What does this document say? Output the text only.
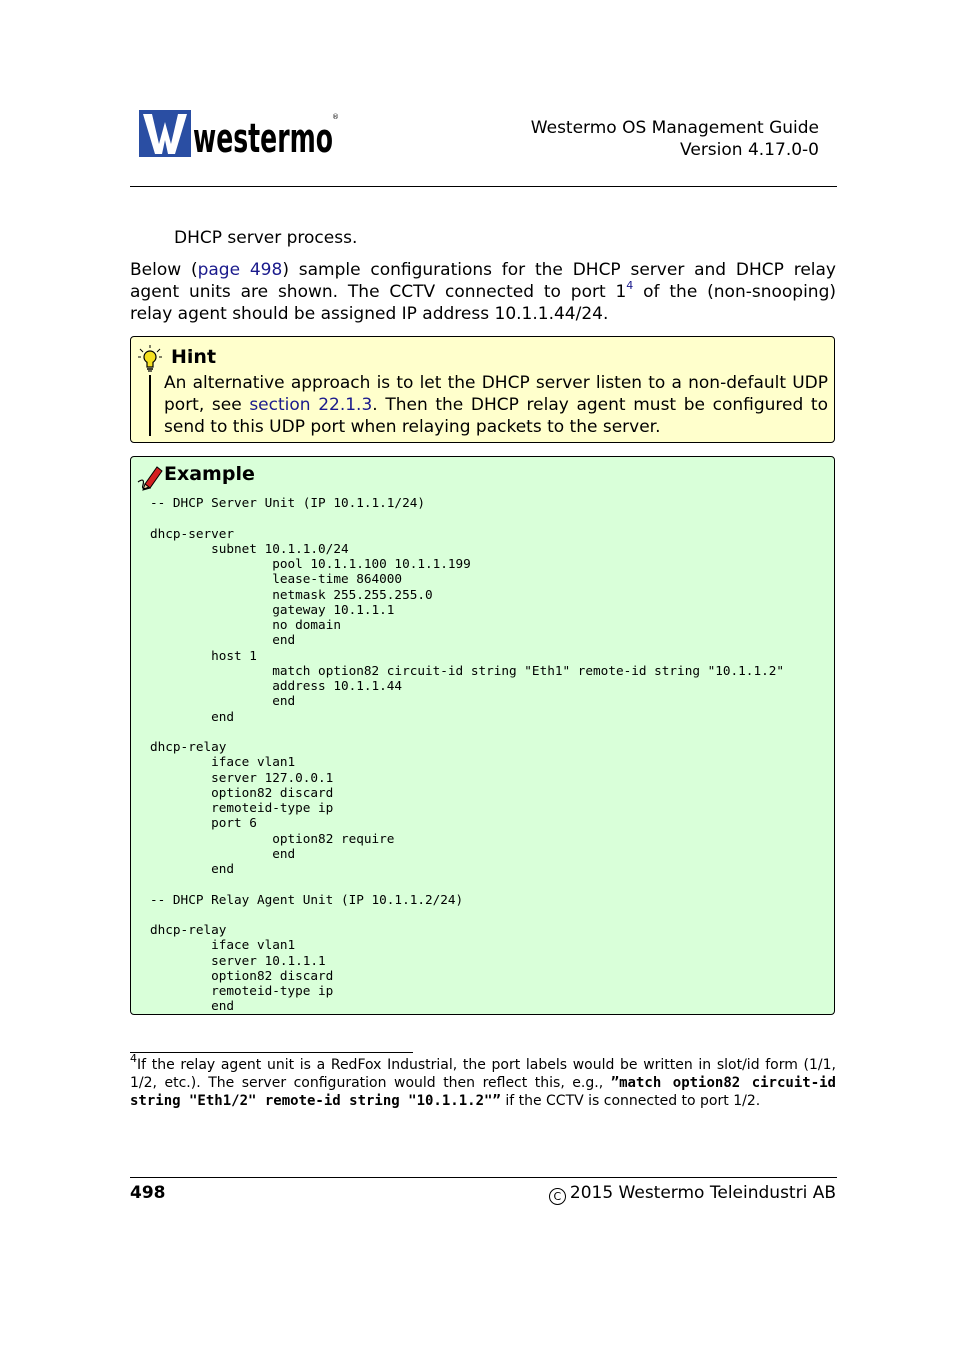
westermo ®
Westermo OS Management Guide
Version 4.17.0-0
DHCP server process.
Below (page 498) sample configurations for the DHCP server and DHCP relay
agent units are shown. The CCTV connected to port 1$^4$ of the (non-snooping)
relay agent should be assigned IP address 10.1.1.44/24.
Hint
An alternative approach is to let the DHCP server listen to a non-default UDP
port, see section 22.1.3. Then the DHCP relay agent must be configured to
send to this UDP port when relaying packets to the server.
Example
-- DHCP Server Unit (IP 10.1.1.1/24)

dhcp-server
	subnet 10.1.1.0/24
		pool 10.1.1.100 10.1.1.199
		lease-time 864000
		netmask 255.255.255.0
		gateway 10.1.1.1
		no domain
		end
	host 1
		match option82 circuit-id string "Eth1" remote-id string "10.1.1.2"
		address 10.1.1.44
		end
	end

dhcp-relay
	iface vlan1
	server 127.0.0.1
	option82 discard
	remoteid-type ip
	port 6
		option82 require
		end
	end

-- DHCP Relay Agent Unit (IP 10.1.1.2/24)

dhcp-relay
	iface vlan1
	server 10.1.1.1
	option82 discard
	remoteid-type ip
	end
$^4$If the relay agent unit is a RedFox Industrial, the port labels would be written in slot/id form (1/1,
1/2, etc.). The server configuration would then reflect this, e.g., ”match option82 circuit-id
string "Eth1/2" remote-id string "10.1.1.2"” if the CCTV is connected to port 1/2.
498	C 2015 Westermo Teleindustri AB
